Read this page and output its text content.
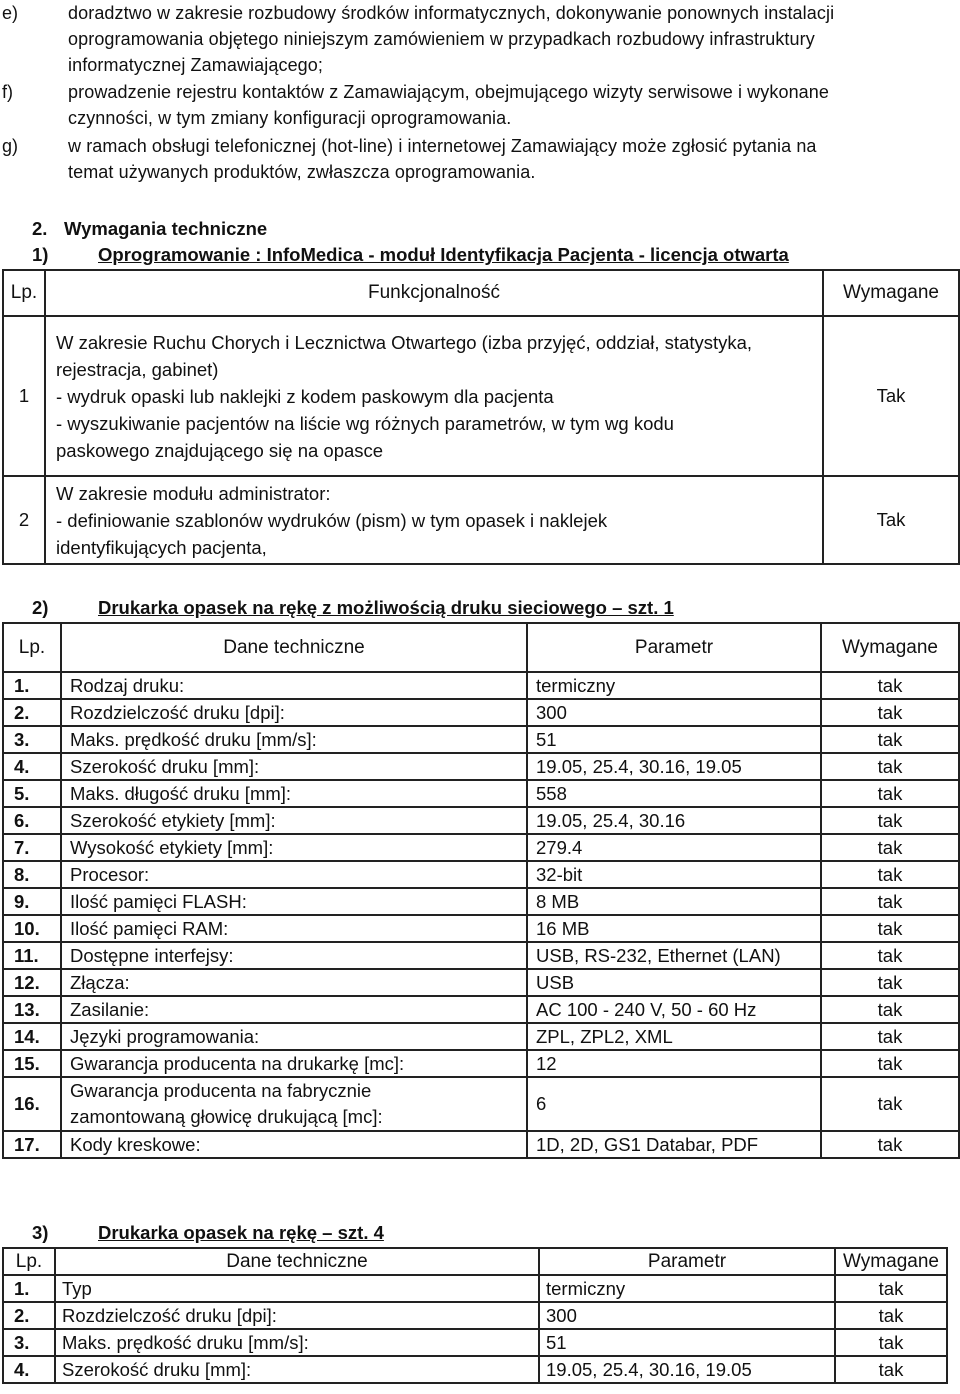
e)	doradztwo w zakresie rozbudowy środków informatycznych, dokonywanie ponownych instalacji
oprogramowania objętego niniejszym zamówieniem w przypadkach rozbudowy infrastruktury
informatycznej Zamawiającego;
f)	prowadzenie rejestru kontaktów z Zamawiającym, obejmującego wizyty serwisowe i wykonane
czynności, w tym zmiany konfiguracji oprogramowania.
g)	w ramach obsługi telefonicznej (hot-line) i internetowej Zamawiający może zgłosić pytania na
temat używanych produktów, zwłaszcza oprogramowania.
2. Wymagania techniczne
1)	Oprogramowanie : InfoMedica - moduł Identyfikacja Pacjenta - licencja otwarta
Lp.	Funkcjonalność	Wymagane
1	W zakresie Ruchu Chorych i Lecznictwa Otwartego (izba przyjęć, oddział, statystyka,
rejestracja, gabinet)
- wydruk opaski lub naklejki z kodem paskowym dla pacjenta
- wyszukiwanie pacjentów na liście wg różnych parametrów, w tym wg kodu
paskowego znajdującego się na opasce	Tak
2	W zakresie modułu administrator:
- definiowanie szablonów wydruków (pism) w tym opasek i naklejek
identyfikujących pacjenta,	Tak
2)	Drukarka opasek na rękę z możliwością druku sieciowego – szt. 1
Lp.	Dane techniczne	Parametr	Wymagane
1.	Rodzaj druku:	termiczny	tak
2.	Rozdzielczość druku [dpi]:	300	tak
3.	Maks. prędkość druku [mm/s]:	51	tak
4.	Szerokość druku [mm]:	19.05, 25.4, 30.16, 19.05	tak
5.	Maks. długość druku [mm]:	558	tak
6.	Szerokość etykiety [mm]:	19.05, 25.4, 30.16	tak
7.	Wysokość etykiety [mm]:	279.4	tak
8.	Procesor:	32-bit	tak
9.	Ilość pamięci FLASH:	8 MB	tak
10.	Ilość pamięci RAM:	16 MB	tak
11.	Dostępne interfejsy:	USB, RS-232, Ethernet (LAN)	tak
12.	Złącza:	USB	tak
13.	Zasilanie:	AC 100 - 240 V, 50 - 60 Hz	tak
14.	Języki programowania:	ZPL, ZPL2, XML	tak
15.	Gwarancja producenta na drukarkę [mc]:	12	tak
16.	Gwarancja producenta na fabrycznie
zamontowaną głowicę drukującą [mc]:	6	tak
17.	Kody kreskowe:	1D, 2D, GS1 Databar, PDF	tak
3)	Drukarka opasek na rękę – szt. 4
Lp.	Dane techniczne	Parametr	Wymagane
1.	Typ	termiczny	tak
2.	Rozdzielczość druku [dpi]:	300	tak
3.	Maks. prędkość druku [mm/s]:	51	tak
4.	Szerokość druku [mm]:	19.05, 25.4, 30.16, 19.05	tak
